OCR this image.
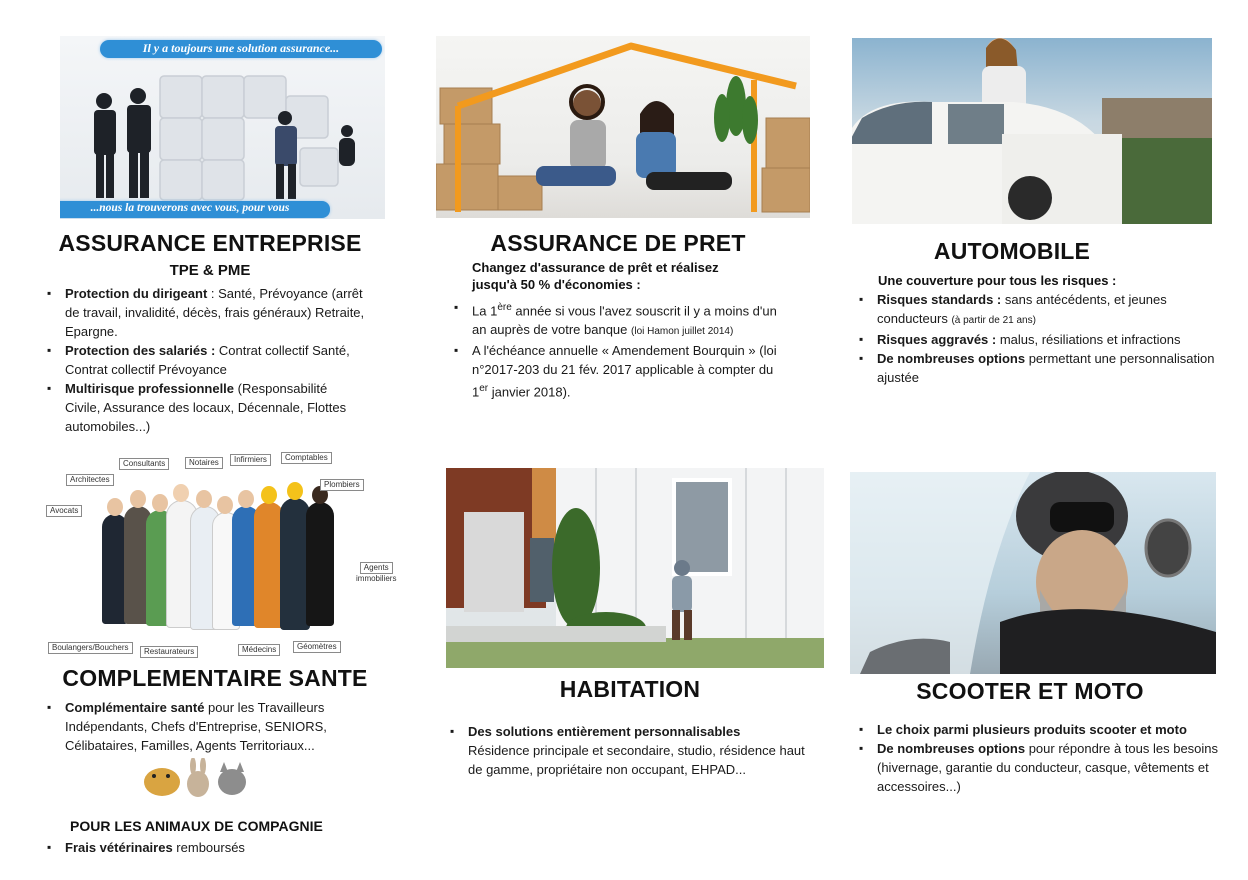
Il y a toujours une solution assurance...
...nous la trouverons avec vous, pour vous
ASSURANCE ENTREPRISE
TPE & PME
▪ Protection du dirigeant : Santé, Prévoyance (arrêt de travail, invalidité, décès, frais généraux) Retraite, Epargne.
▪ Protection des salariés : Contrat collectif Santé, Contrat collectif Prévoyance
▪ Multirisque professionnelle (Responsabilité Civile, Assurance des locaux, Décennale, Flottes automobiles...)
Consultants	Notaires	Infirmiers	Comptables
Architectes
Plombiers
Avocats
Agents
immobiliers
Boulangers/Bouchers	Restaurateurs	Médecins	Géomètres
COMPLEMENTAIRE SANTE
▪ Complémentaire santé pour les Travailleurs Indépendants, Chefs d'Entreprise, SENIORS, Célibataires, Familles, Agents Territoriaux...
POUR LES ANIMAUX DE COMPAGNIE
▪ Frais vétérinaires remboursés
ASSURANCE DE PRET
Changez d'assurance de prêt et réalisez
jusqu'à 50 % d'économies :
▪ La 1ère année si vous l'avez souscrit il y a moins d'un an auprès de votre banque (loi Hamon juillet 2014)
▪ A l'échéance annuelle « Amendement Bourquin » (loi n°2017-203 du 21 fév. 2017 applicable à compter du 1er janvier 2018).
HABITATION
▪ Des solutions entièrement personnalisables
Résidence principale et secondaire, studio, résidence haut de gamme, propriétaire non occupant, EHPAD...
AUTOMOBILE
Une couverture pour tous les risques :
▪ Risques standards : sans antécédents, et jeunes conducteurs (à partir de 21 ans)
▪ Risques aggravés : malus, résiliations et infractions
▪ De nombreuses options permettant une personnalisation ajustée
SCOOTER ET MOTO
▪ Le choix parmi plusieurs produits scooter et moto
▪ De nombreuses options pour répondre à tous les besoins (hivernage, garantie du conducteur, casque, vêtements et accessoires...)
